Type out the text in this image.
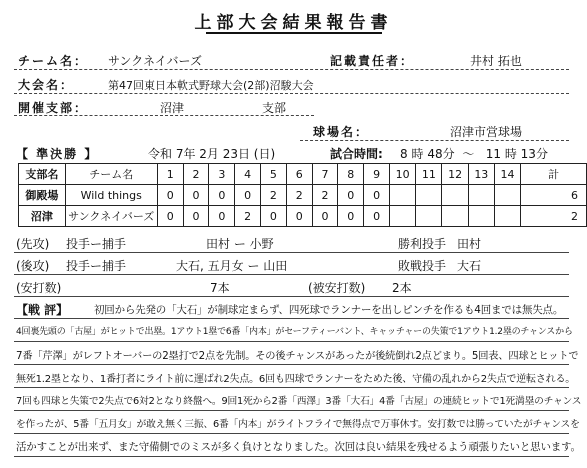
上部大会結果報告書
チーム名： サンクネイバーズ	記載責任者：	井村 拓也
大会名：	第47回東日本軟式野球大会(2部)沼駿大会
開催支部：	沼津	支部
球場名：	沼津市営球場
【 準決勝 】	令和 7年 2月 23日 (日)	試合時間: 8 時 48分 ～ 11 時 13分
支部名	チーム名	1	2	3	4	5	6	7	8	9	10	11	12	13	14	計
御殿場	Wild things	0	0	0	0	2	2	2	0	0						6
沼津	サンクネイバーズ	0	0	0	2	0	0	0	0	0						2
(先攻) 投手ー捕手	田村 ー 小野	勝利投手 田村
(後攻) 投手ー捕手	大石, 五月女 ー 山田	敗戦投手 大石
(安打数)	7本	(被安打数) 2本
【戦 評】 初回から先発の「大石」が制球定まらず、四死球でランナーを出しピンチを作るも4回までは無失点。
4回裏先頭の「古屋」がヒットで出塁。1アウト1塁で6番「内本」がセーフティーバント、キャッチャーの失策で1アウト1.2塁のチャンスから
7番「芹澤」がレフトオーバーの2塁打で2点を先制。その後チャンスがあったが後続倒れ2点どまり。5回表、四球とヒットで
無死1.2塁となり、1番打者にライト前に運ばれ2失点。6回も四球でランナーをためた後、守備の乱れから2失点で逆転される。
7回も四球と失策で2失点で6対2となり終盤へ。9回1死から2番「西澤」3番「大石」4番「古屋」の連続ヒットで1死満塁のチャンス
を作ったが、5番「五月女」が敢え無く三振、6番「内本」がライトフライで無得点で万事休す。安打数では勝っていたがチャンスを
活かすことが出来ず、また守備側でのミスが多く負けとなりました。次回は良い結果を残せるよう頑張りたいと思います。
